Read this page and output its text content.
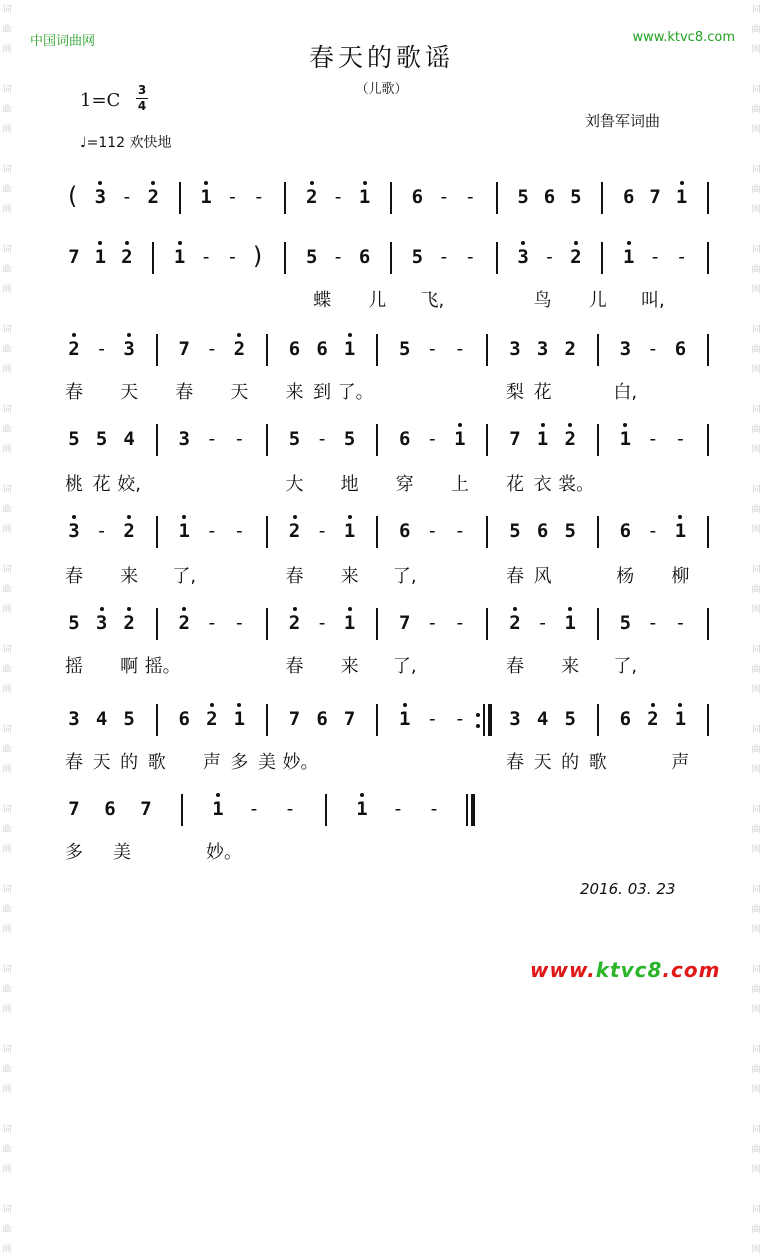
词
曲
网

词
曲
网

词
曲
网

词
曲
网

词
曲
网

词
曲
网

词
曲
网

词
曲
网

词
曲
网

词
曲
网

词
曲
网

词
曲
网

词
曲
网

词
曲
网

词
曲
网

词
曲
网

词
曲
网

词
曲
网

词
曲
网

词
曲
网

词
曲
网

词
曲
网

词
曲
网

词
曲
网

词
曲
网

词
曲
网

词
曲
网

词
曲
网

词
曲
网

词
曲
网

词
曲
网

词
曲
网

中国词曲网	www.ktvc8.com
春天的歌谣
（儿歌）
1=C 3
4
刘鲁军词曲
♩=112 欢快地
( 3 - 2 1 - - 2 - 1 6 - - 5 6 5 6 7 1
7 1 2 1 - - ) 5 - 6 5 - - 3 - 2 1 - -
蝶 儿 飞,	鸟 儿 叫,
2 - 3 7 - 2 6 6 1 5 - - 3 3 2 3 - 6
春 天 春 天 来 到 了。	梨 花	白,
5 5 4 3 - - 5 - 5 6 - 1 7 1 2 1 - -
桃 花 姣,	大 地 穿 上 花 衣 裳。
3 - 2 1 - - 2 - 1 6 - - 5 6 5 6 - 1
春 来 了,	春 来 了,	春 风	杨 柳
5 3 2 2 - - 2 - 1 7 - - 2 - 1 5 - -
摇 啊 摇。	春 来 了,	春 来 了,
3 4 5 6 2 1 7 6 7 1 - - 3 4 5 6 2 1
春 天 的 歌 声 多 美 妙。	春 天 的 歌	声
7 6 7	1 - -	1 - -
多 美	妙。
2016. 03. 23
www.ktvc8.com
